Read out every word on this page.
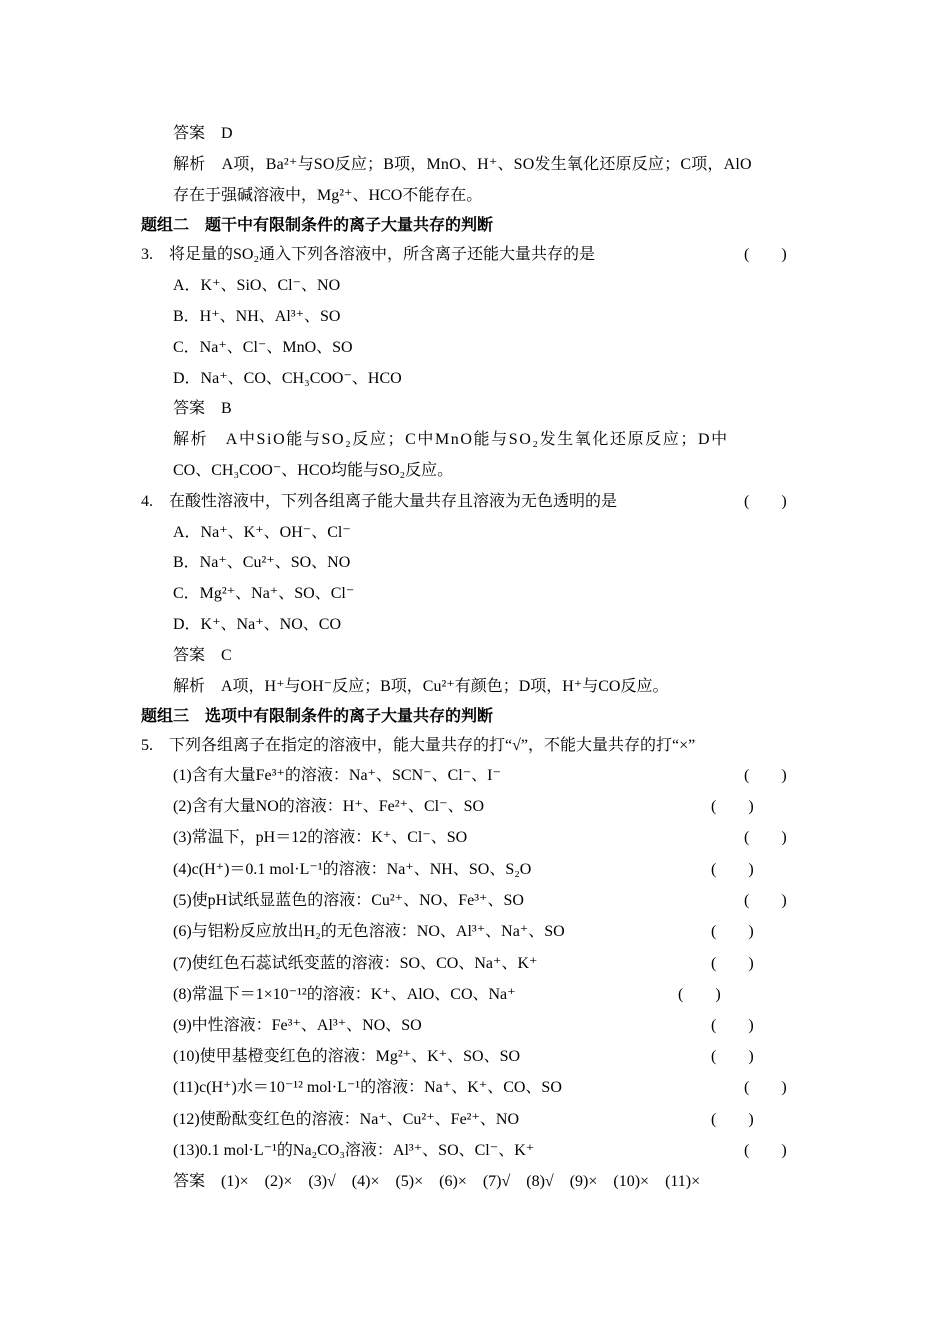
答案　D
解析　A项，Ba²⁺与SO反应；B项，MnO、H⁺、SO发生氧化还原反应；C项，AlO
存在于强碱溶液中，Mg²⁺、HCO不能存在。
题组二　题干中有限制条件的离子大量共存的判断
3.　将足量的SO₂通入下列各溶液中，所含离子还能大量共存的是	(　　)
A．K⁺、SiO、Cl⁻、NO
B．H⁺、NH、Al³⁺、SO
C．Na⁺、Cl⁻、MnO、SO
D．Na⁺、CO、CH₃COO⁻、HCO
答案　B
解析　A中SiO能与SO₂反应；C中MnO能与SO₂发生氧化还原反应；D中
CO、CH₃COO⁻、HCO均能与SO₂反应。
4.　在酸性溶液中，下列各组离子能大量共存且溶液为无色透明的是	(　　)
A．Na⁺、K⁺、OH⁻、Cl⁻
B．Na⁺、Cu²⁺、SO、NO
C．Mg²⁺、Na⁺、SO、Cl⁻
D．K⁺、Na⁺、NO、CO
答案　C
解析　A项，H⁺与OH⁻反应；B项，Cu²⁺有颜色；D项，H⁺与CO反应。
题组三　选项中有限制条件的离子大量共存的判断
5.　下列各组离子在指定的溶液中，能大量共存的打“√”，不能大量共存的打“×”
(1)含有大量Fe³⁺的溶液：Na⁺、SCN⁻、Cl⁻、I⁻	(　　)
(2)含有大量NO的溶液：H⁺、Fe²⁺、Cl⁻、SO	(　　)
(3)常温下，pH＝12的溶液：K⁺、Cl⁻、SO	(　　)
(4)c(H⁺)＝0.1 mol·L⁻¹的溶液：Na⁺、NH、SO、S₂O	(　　)
(5)使pH试纸显蓝色的溶液：Cu²⁺、NO、Fe³⁺、SO	(　　)
(6)与铝粉反应放出H₂的无色溶液：NO、Al³⁺、Na⁺、SO	(　　)
(7)使红色石蕊试纸变蓝的溶液：SO、CO、Na⁺、K⁺	(　　)
(8)常温下＝1×10⁻¹²的溶液：K⁺、AlO、CO、Na⁺	(　　)
(9)中性溶液：Fe³⁺、Al³⁺、NO、SO	(　　)
(10)使甲基橙变红色的溶液：Mg²⁺、K⁺、SO、SO	(　　)
(11)c(H⁺)水＝10⁻¹² mol·L⁻¹的溶液：Na⁺、K⁺、CO、SO	(　　)
(12)使酚酞变红色的溶液：Na⁺、Cu²⁺、Fe²⁺、NO	(　　)
(13)0.1 mol·L⁻¹的Na₂CO₃溶液：Al³⁺、SO、Cl⁻、K⁺	(　　)
答案　(1)×　(2)×　(3)√　(4)×　(5)×　(6)×　(7)√　(8)√　(9)×　(10)×　(11)×
